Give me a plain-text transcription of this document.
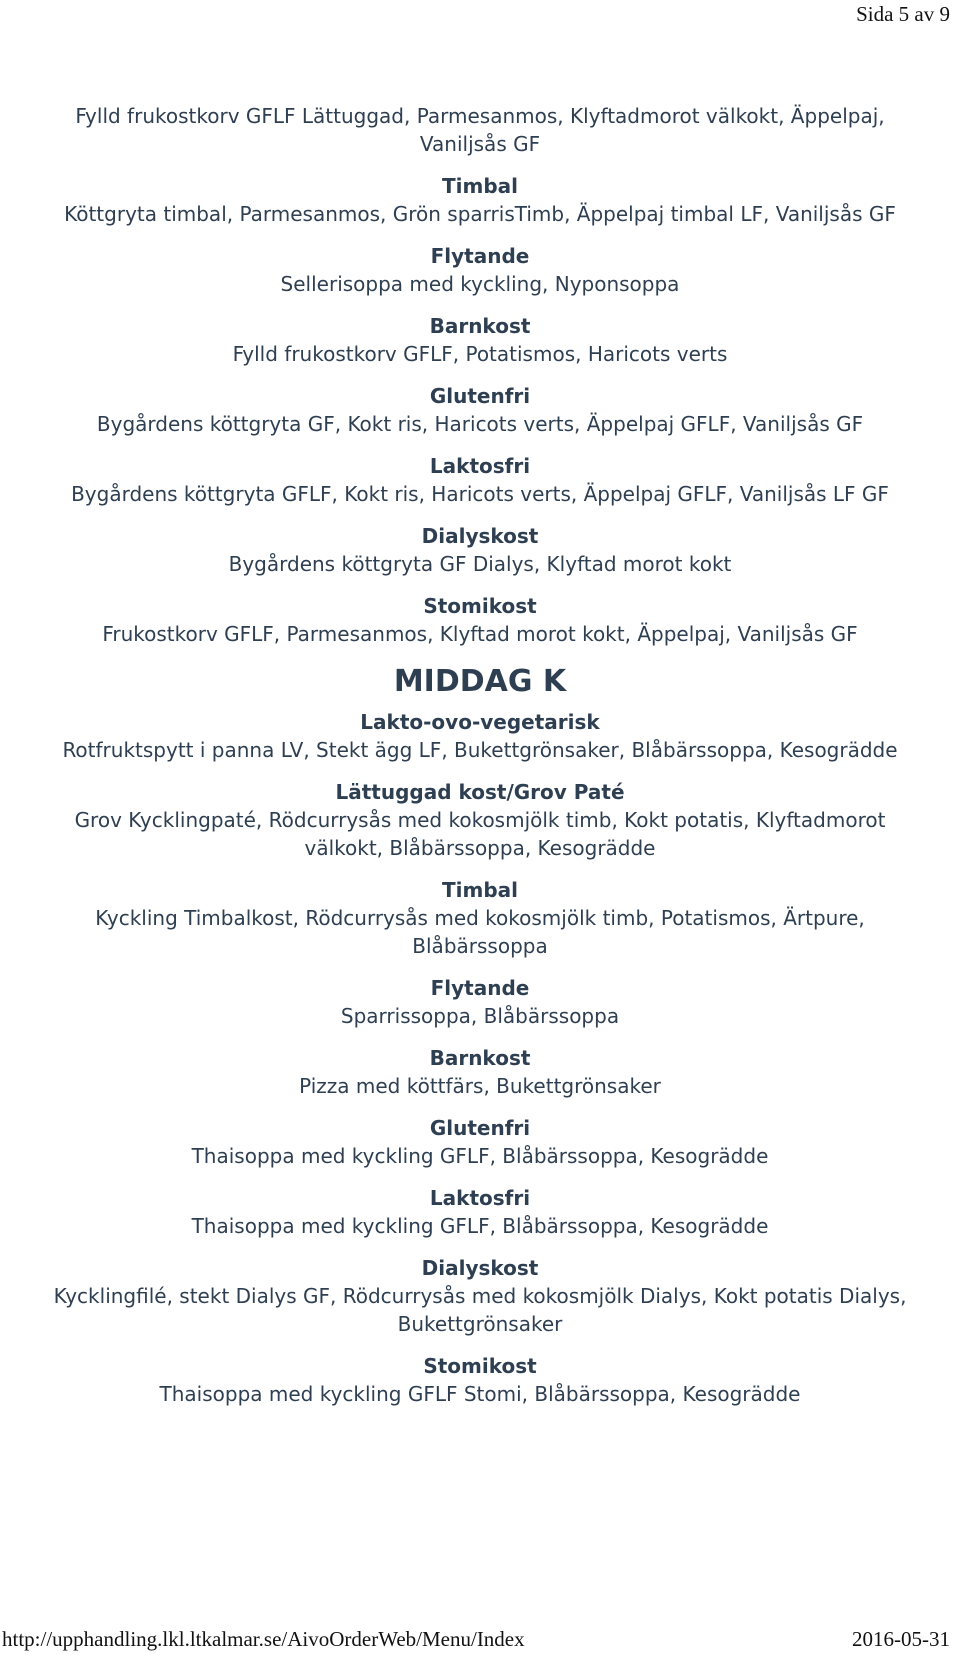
Sida 5 av 9
Fylld frukostkorv GFLF Lättuggad, Parmesanmos, Klyftadmorot välkokt, Äppelpaj, Vaniljsås GF
Timbal
Köttgryta timbal, Parmesanmos, Grön sparrisTimb, Äppelpaj timbal LF, Vaniljsås GF
Flytande
Sellerisoppa med kyckling, Nyponsoppa
Barnkost
Fylld frukostkorv GFLF, Potatismos, Haricots verts
Glutenfri
Bygårdens köttgryta GF, Kokt ris, Haricots verts, Äppelpaj GFLF, Vaniljsås GF
Laktosfri
Bygårdens köttgryta GFLF, Kokt ris, Haricots verts, Äppelpaj GFLF, Vaniljsås LF GF
Dialyskost
Bygårdens köttgryta GF Dialys, Klyftad morot kokt
Stomikost
Frukostkorv GFLF, Parmesanmos, Klyftad morot kokt, Äppelpaj, Vaniljsås GF
MIDDAG K
Lakto-ovo-vegetarisk
Rotfruktspytt i panna LV, Stekt ägg LF, Bukettgrönsaker, Blåbärssoppa, Kesogrädde
Lättuggad kost/Grov Paté
Grov Kycklingpaté, Rödcurrysås med kokosmjölk timb, Kokt potatis, Klyftadmorot välkokt, Blåbärssoppa, Kesogrädde
Timbal
Kyckling Timbalkost, Rödcurrysås med kokosmjölk timb, Potatismos, Ärtpure, Blåbärssoppa
Flytande
Sparrissoppa, Blåbärssoppa
Barnkost
Pizza med köttfärs, Bukettgrönsaker
Glutenfri
Thaisoppa med kyckling GFLF, Blåbärssoppa, Kesogrädde
Laktosfri
Thaisoppa med kyckling GFLF, Blåbärssoppa, Kesogrädde
Dialyskost
Kycklingfilé, stekt Dialys GF, Rödcurrysås med kokosmjölk Dialys, Kokt potatis Dialys, Bukettgrönsaker
Stomikost
Thaisoppa med kyckling GFLF Stomi, Blåbärssoppa, Kesogrädde
http://upphandling.lkl.ltkalmar.se/AivoOrderWeb/Menu/Index	2016-05-31
